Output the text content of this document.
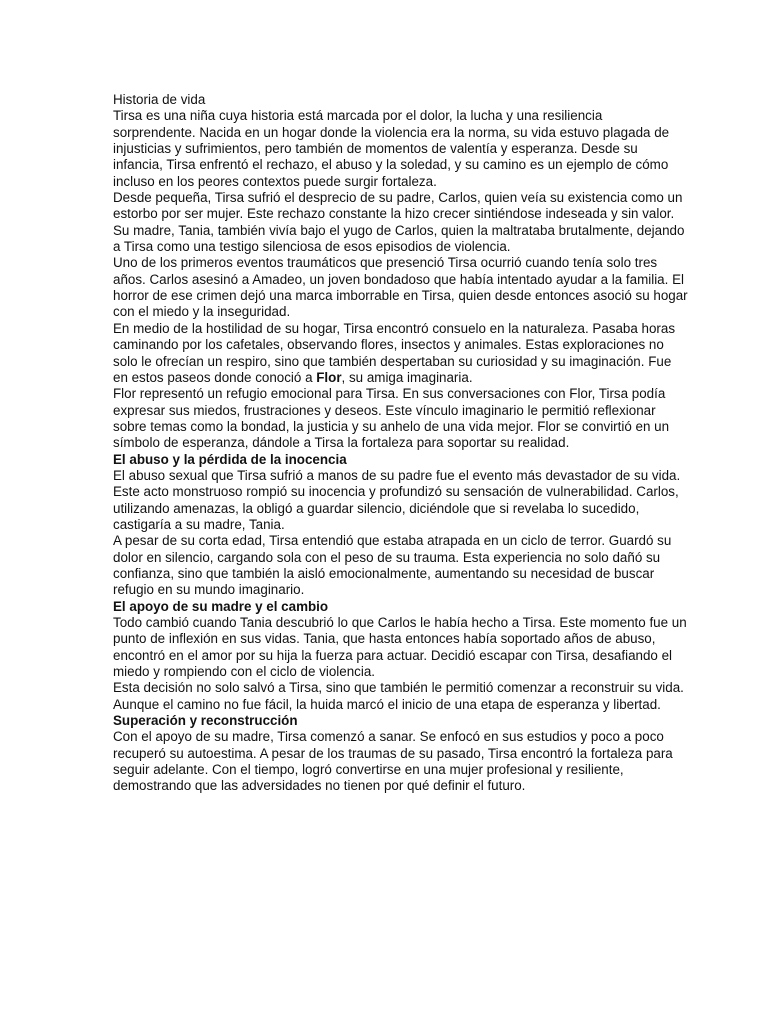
Historia de vida

Tirsa es una niña cuya historia está marcada por el dolor, la lucha y una resiliencia sorprendente. Nacida en un hogar donde la violencia era la norma, su vida estuvo plagada de injusticias y sufrimientos, pero también de momentos de valentía y esperanza. Desde su infancia, Tirsa enfrentó el rechazo, el abuso y la soledad, y su camino es un ejemplo de cómo incluso en los peores contextos puede surgir fortaleza.

Desde pequeña, Tirsa sufrió el desprecio de su padre, Carlos, quien veía su existencia como un estorbo por ser mujer. Este rechazo constante la hizo crecer sintiéndose indeseada y sin valor. Su madre, Tania, también vivía bajo el yugo de Carlos, quien la maltrataba brutalmente, dejando a Tirsa como una testigo silenciosa de esos episodios de violencia.

Uno de los primeros eventos traumáticos que presenció Tirsa ocurrió cuando tenía solo tres años. Carlos asesinó a Amadeo, un joven bondadoso que había intentado ayudar a la familia. El horror de ese crimen dejó una marca imborrable en Tirsa, quien desde entonces asoció su hogar con el miedo y la inseguridad.

En medio de la hostilidad de su hogar, Tirsa encontró consuelo en la naturaleza. Pasaba horas caminando por los cafetales, observando flores, insectos y animales. Estas exploraciones no solo le ofrecían un respiro, sino que también despertaban su curiosidad y su imaginación. Fue en estos paseos donde conoció a Flor, su amiga imaginaria.

Flor representó un refugio emocional para Tirsa. En sus conversaciones con Flor, Tirsa podía expresar sus miedos, frustraciones y deseos. Este vínculo imaginario le permitió reflexionar sobre temas como la bondad, la justicia y su anhelo de una vida mejor. Flor se convirtió en un símbolo de esperanza, dándole a Tirsa la fortaleza para soportar su realidad.

El abuso y la pérdida de la inocencia

El abuso sexual que Tirsa sufrió a manos de su padre fue el evento más devastador de su vida. Este acto monstruoso rompió su inocencia y profundizó su sensación de vulnerabilidad. Carlos, utilizando amenazas, la obligó a guardar silencio, diciéndole que si revelaba lo sucedido, castigaría a su madre, Tania.

A pesar de su corta edad, Tirsa entendió que estaba atrapada en un ciclo de terror. Guardó su dolor en silencio, cargando sola con el peso de su trauma. Esta experiencia no solo dañó su confianza, sino que también la aisló emocionalmente, aumentando su necesidad de buscar refugio en su mundo imaginario.

El apoyo de su madre y el cambio

Todo cambió cuando Tania descubrió lo que Carlos le había hecho a Tirsa. Este momento fue un punto de inflexión en sus vidas. Tania, que hasta entonces había soportado años de abuso, encontró en el amor por su hija la fuerza para actuar. Decidió escapar con Tirsa, desafiando el miedo y rompiendo con el ciclo de violencia.

Esta decisión no solo salvó a Tirsa, sino que también le permitió comenzar a reconstruir su vida. Aunque el camino no fue fácil, la huida marcó el inicio de una etapa de esperanza y libertad.

Superación y reconstrucción

Con el apoyo de su madre, Tirsa comenzó a sanar. Se enfocó en sus estudios y poco a poco recuperó su autoestima. A pesar de los traumas de su pasado, Tirsa encontró la fortaleza para seguir adelante. Con el tiempo, logró convertirse en una mujer profesional y resiliente, demostrando que las adversidades no tienen por qué definir el futuro.
